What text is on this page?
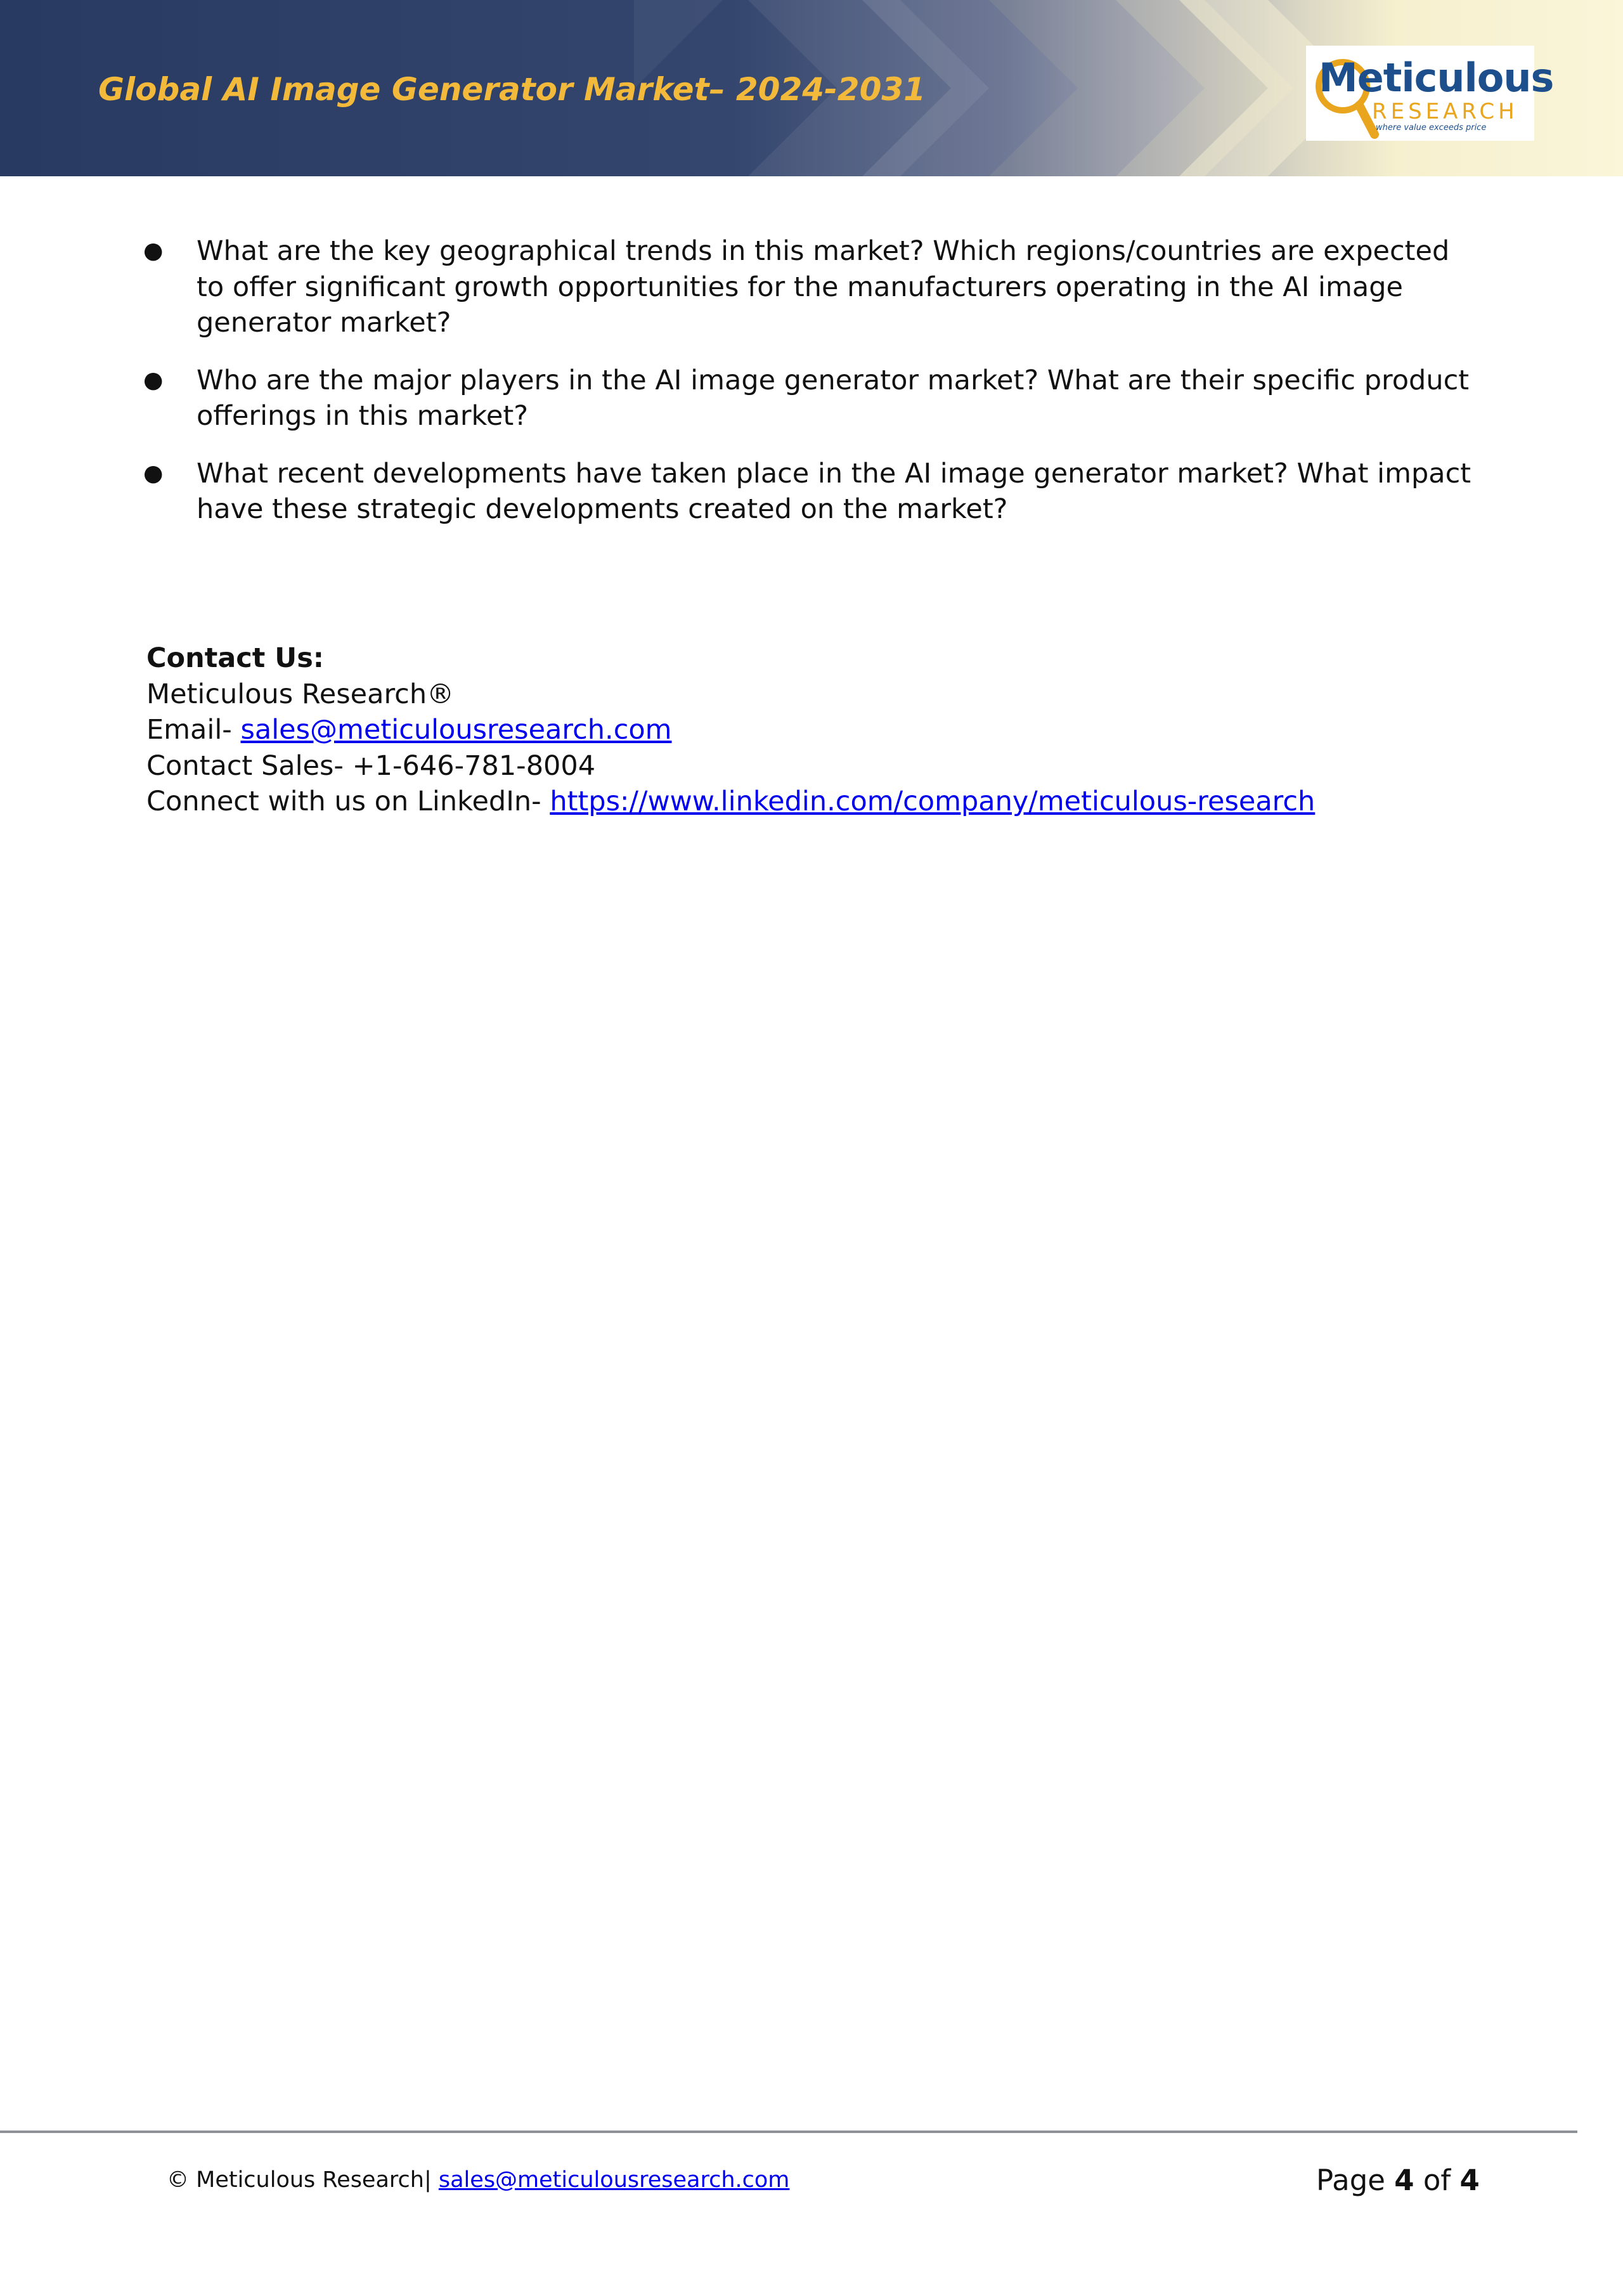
Global AI Image Generator Market– 2024-2031	Meticulous
RESEARCH
where value exceeds price
● What are the key geographical trends in this market? Which regions/countries are expected to offer significant growth opportunities for the manufacturers operating in the AI image generator market?
● Who are the major players in the AI image generator market? What are their specific product offerings in this market?
● What recent developments have taken place in the AI image generator market? What impact have these strategic developments created on the market?
Contact Us:
Meticulous Research®
Email- sales@meticulousresearch.com
Contact Sales- +1-646-781-8004
Connect with us on LinkedIn- https://www.linkedin.com/company/meticulous-research
© Meticulous Research| sales@meticulousresearch.com	Page 4 of 4
